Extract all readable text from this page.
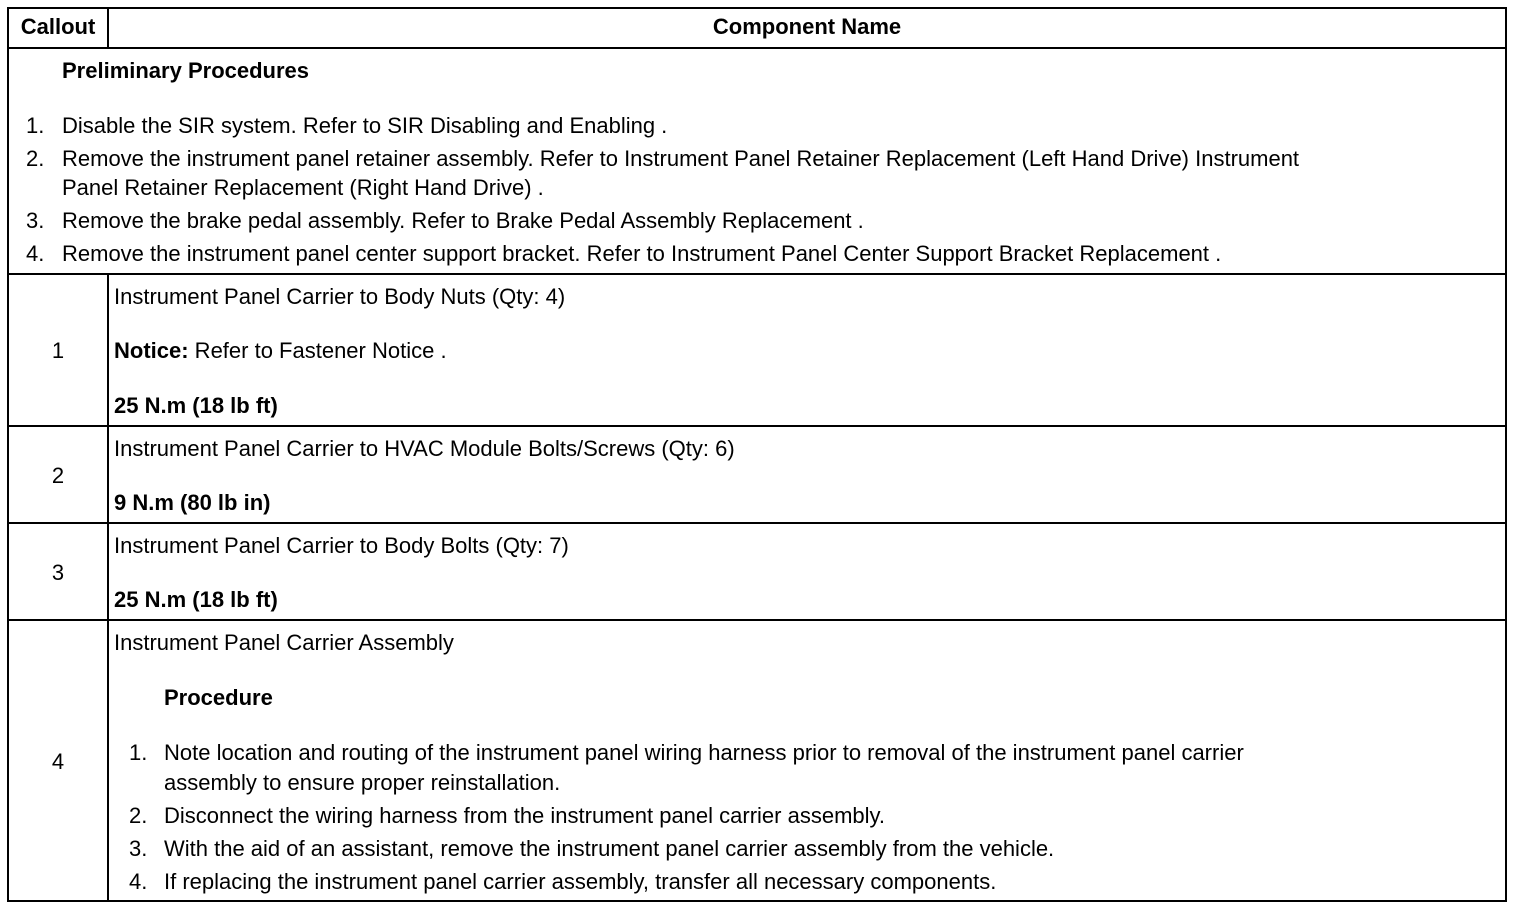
Callout	Component Name
Preliminary Procedures
1. Disable the SIR system. Refer to SIR Disabling and Enabling .
2. Remove the instrument panel retainer assembly. Refer to Instrument Panel Retainer Replacement (Left Hand Drive) Instrument
Panel Retainer Replacement (Right Hand Drive) .
3. Remove the brake pedal assembly. Refer to Brake Pedal Assembly Replacement .
4. Remove the instrument panel center support bracket. Refer to Instrument Panel Center Support Bracket Replacement .
1
Instrument Panel Carrier to Body Nuts (Qty: 4)
Notice: Refer to Fastener Notice .
25 N.m (18 lb ft)
2
Instrument Panel Carrier to HVAC Module Bolts/Screws (Qty: 6)
9 N.m (80 lb in)
3
Instrument Panel Carrier to Body Bolts (Qty: 7)
25 N.m (18 lb ft)
4
Instrument Panel Carrier Assembly
Procedure
1. Note location and routing of the instrument panel wiring harness prior to removal of the instrument panel carrier
assembly to ensure proper reinstallation.
2. Disconnect the wiring harness from the instrument panel carrier assembly.
3. With the aid of an assistant, remove the instrument panel carrier assembly from the vehicle.
4. If replacing the instrument panel carrier assembly, transfer all necessary components.
